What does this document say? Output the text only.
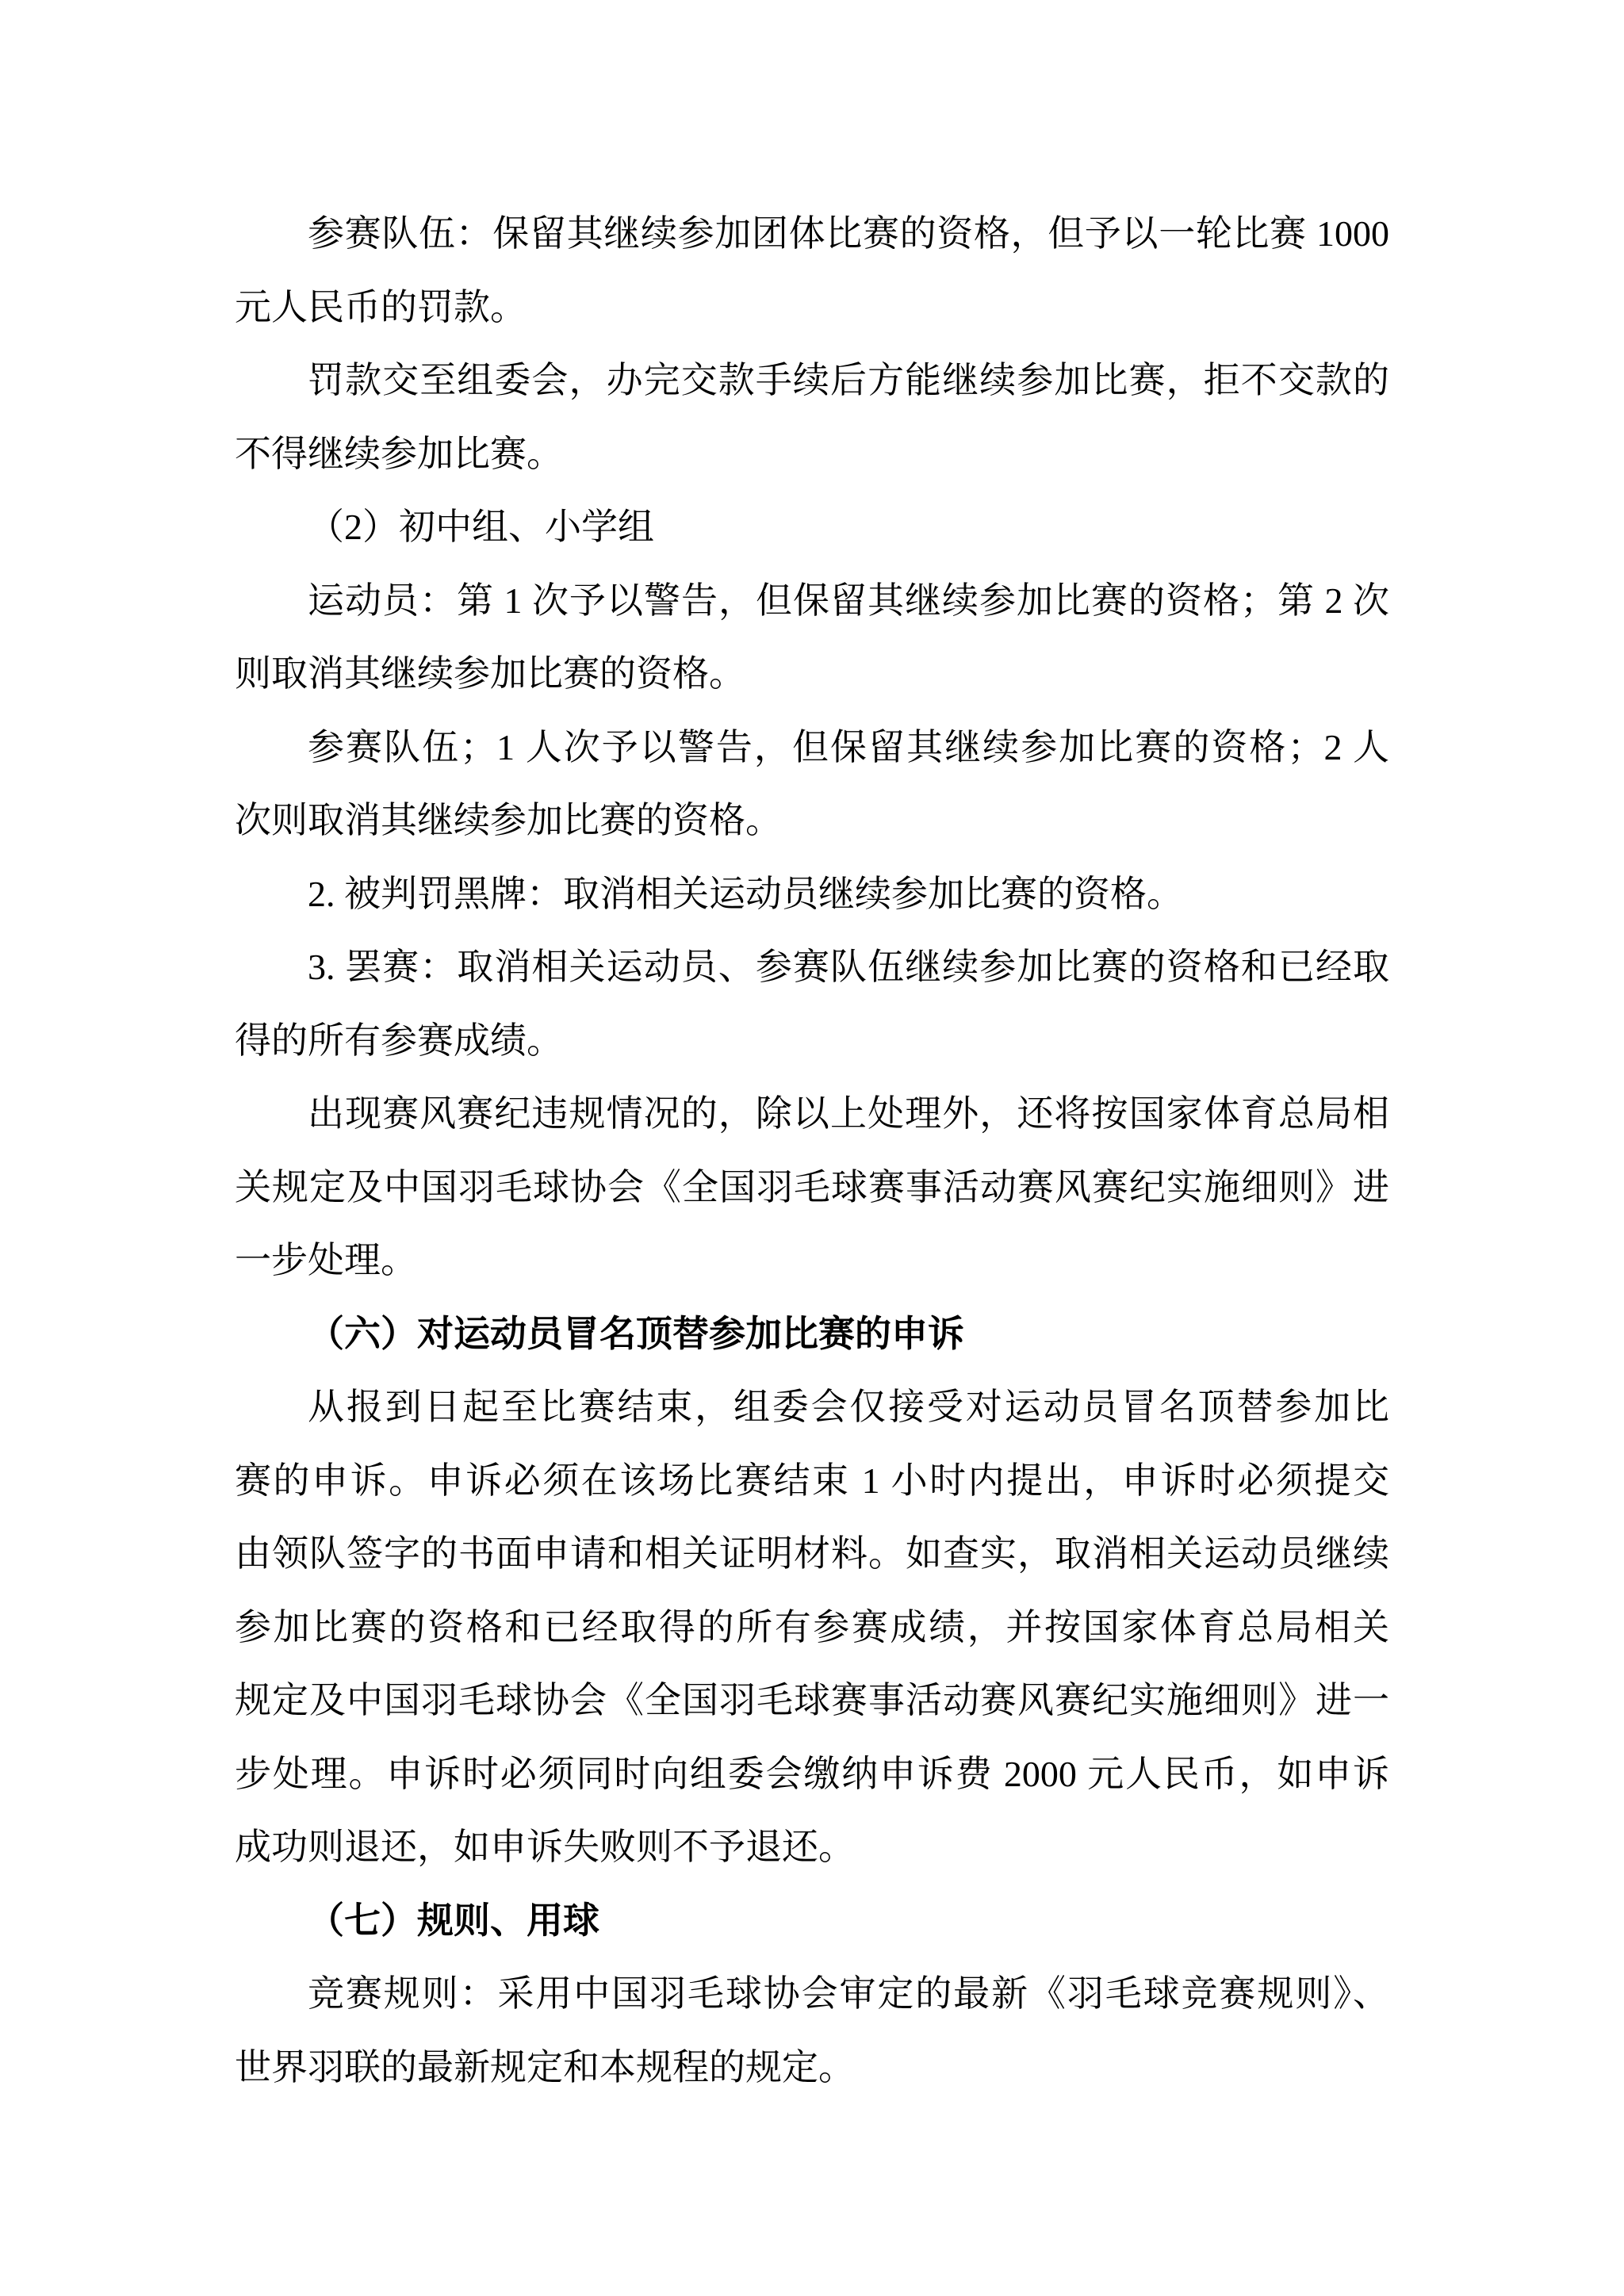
参赛队伍：保留其继续参加团体比赛的资格，但予以一轮比赛 1000
元人民币的罚款。
罚款交至组委会，办完交款手续后方能继续参加比赛，拒不交款的
不得继续参加比赛。
（2）初中组、小学组
运动员：第 1 次予以警告，但保留其继续参加比赛的资格；第 2 次
则取消其继续参加比赛的资格。
参赛队伍；1 人次予以警告，但保留其继续参加比赛的资格；2 人
次则取消其继续参加比赛的资格。
2. 被判罚黑牌：取消相关运动员继续参加比赛的资格。
3. 罢赛：取消相关运动员、参赛队伍继续参加比赛的资格和已经取
得的所有参赛成绩。
出现赛风赛纪违规情况的，除以上处理外，还将按国家体育总局相
关规定及中国羽毛球协会《全国羽毛球赛事活动赛风赛纪实施细则》进
一步处理。
（六）对运动员冒名顶替参加比赛的申诉
从报到日起至比赛结束，组委会仅接受对运动员冒名顶替参加比
赛的申诉。申诉必须在该场比赛结束 1 小时内提出，申诉时必须提交
由领队签字的书面申请和相关证明材料。如查实，取消相关运动员继续
参加比赛的资格和已经取得的所有参赛成绩，并按国家体育总局相关
规定及中国羽毛球协会《全国羽毛球赛事活动赛风赛纪实施细则》进一
步处理。申诉时必须同时向组委会缴纳申诉费 2000 元人民币，如申诉
成功则退还，如申诉失败则不予退还。
（七）规则、用球
竞赛规则：采用中国羽毛球协会审定的最新《羽毛球竞赛规则》、
世界羽联的最新规定和本规程的规定。
